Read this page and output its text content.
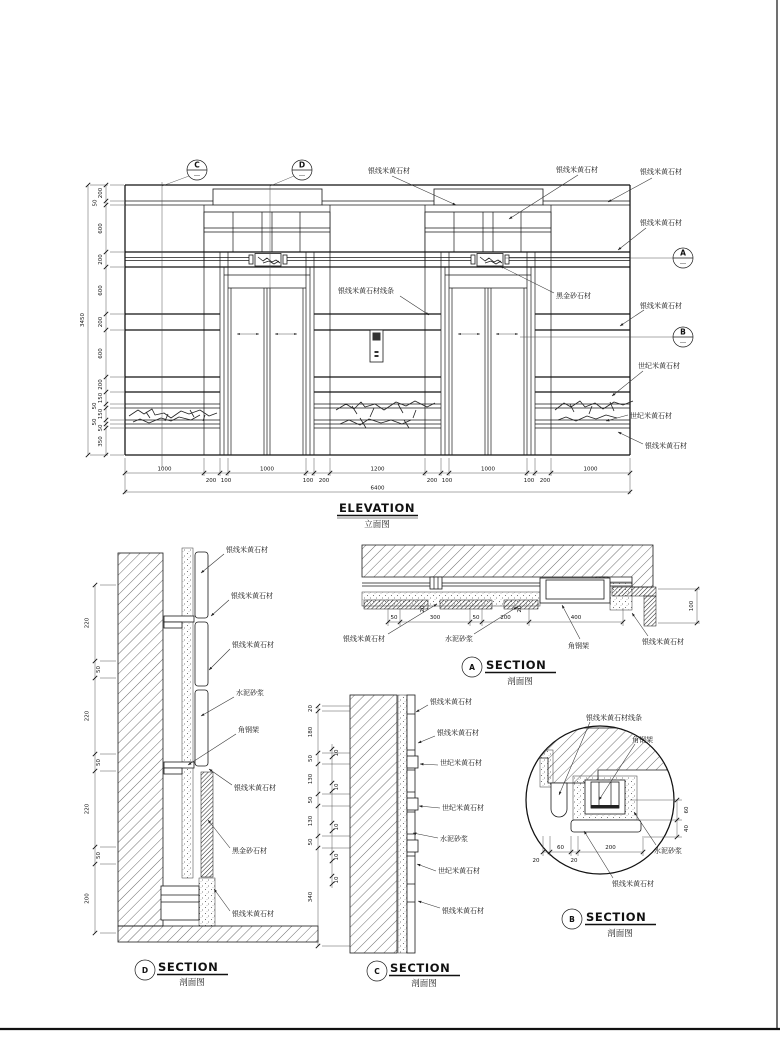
C	D
A
B
银线米黄石材	银线米黄石材	银线米黄石材
银线米黄石材
银线米黄石材
世纪米黄石材
世纪米黄石材
银线米黄石材
银线米黄石材线条
黑金砂石材
200
50
600
200
600
200
600
200
150
50
150
50
50
350
3450
1000	1000	1200	1000	1000
200 100	100 200	200 100	100 200
6400
ELEVATION
立面图
220
50
220
50
220
50
200
银线米黄石材
银线米黄石材
银线米黄石材
水泥砂浆
角钢架
银线米黄石材
黑金砂石材
银线米黄石材
D SECTION
剖面图
20
180
50
130
50
130
50
340
10
10
10
10
10
银线米黄石材
银线米黄石材
世纪米黄石材
世纪米黄石材
水泥砂浆
世纪米黄石材
银线米黄石材
C SECTION
剖面图
50	300	50	200	400
20	20	100
银线米黄石材	水泥砂浆
角钢架	银线米黄石材
A SECTION
剖面图
60
40
60	200
20	20
银线米黄石材线条
角钢架
水泥砂浆
银线米黄石材
B SECTION
剖面图
